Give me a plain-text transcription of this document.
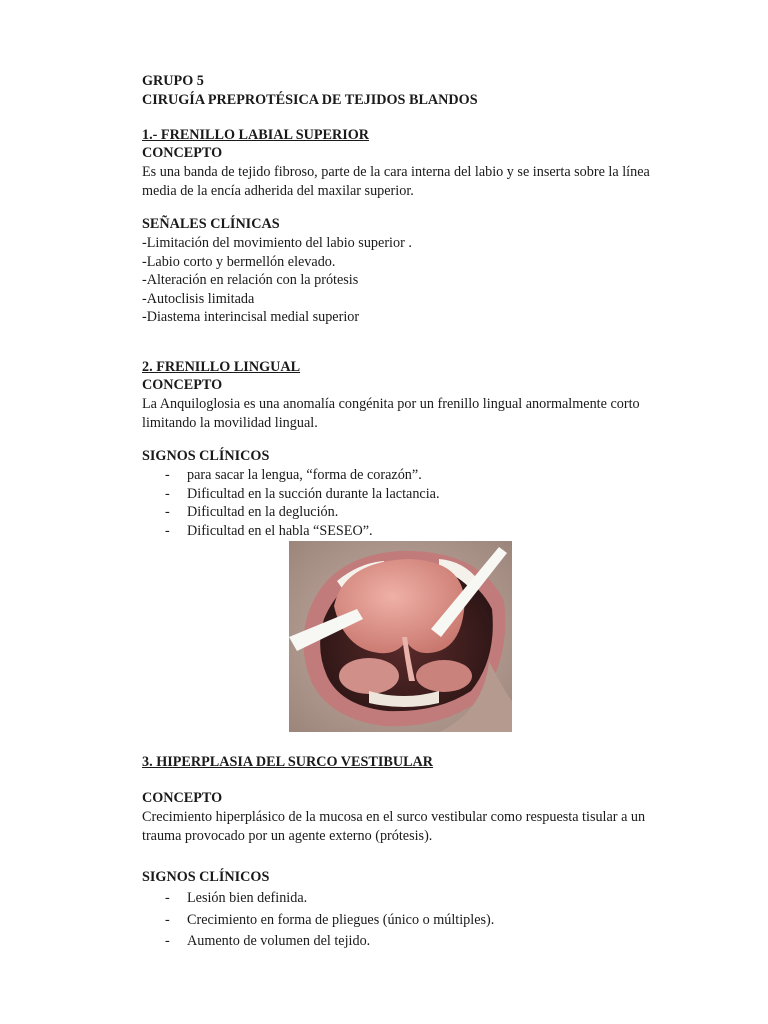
GRUPO 5
CIRUGÍA PREPROTÉSICA DE TEJIDOS BLANDOS
1.- FRENILLO LABIAL SUPERIOR
CONCEPTO
Es una banda de tejido fibroso, parte de la cara interna del labio y se inserta sobre la línea media de la encía adherida del maxilar superior.
SEÑALES CLÍNICAS
-Limitación del movimiento del labio superior .
-Labio corto y bermellón elevado.
-Alteración en relación con la prótesis
-Autoclisis limitada
-Diastema interincisal medial superior
2. FRENILLO LINGUAL
CONCEPTO
La Anquiloglosia es una anomalía congénita por un frenillo lingual anormalmente corto limitando la movilidad lingual.
SIGNOS CLÍNICOS
- para sacar la lengua, “forma de corazón”.
- Dificultad en la succión durante la lactancia.
- Dificultad en la deglución.
- Dificultad en el habla “SESEO”.
3. HIPERPLASIA DEL SURCO VESTIBULAR
CONCEPTO
Crecimiento hiperplásico de la mucosa en el surco vestibular como respuesta tisular a un trauma provocado por un agente externo (prótesis).
SIGNOS CLÍNICOS
- Lesión bien definida.
- Crecimiento en forma de pliegues (único o múltiples).
- Aumento de volumen del tejido.
